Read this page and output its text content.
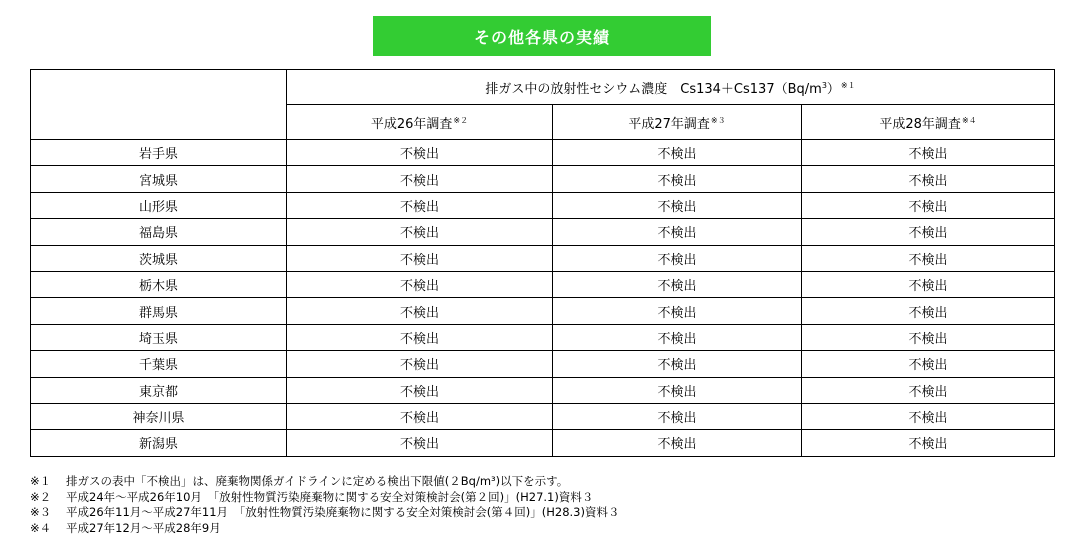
その他各県の実績
	排ガス中の放射性セシウム濃度　$Cs134+Cs137(Bq/m^3)^{※1}$
	平成26年調査$^{※2}$	平成27年調査$^{※3}$	平成28年調査$^{※4}$
岩手県	不検出	不検出	不検出
宮城県	不検出	不検出	不検出
山形県	不検出	不検出	不検出
福島県	不検出	不検出	不検出
茨城県	不検出	不検出	不検出
栃木県	不検出	不検出	不検出
群馬県	不検出	不検出	不検出
埼玉県	不検出	不検出	不検出
千葉県	不検出	不検出	不検出
東京都	不検出	不検出	不検出
神奈川県	不検出	不検出	不検出
新潟県	不検出	不検出	不検出
※１ 排ガスの表中「不検出」は、廃棄物関係ガイドラインに定める検出下限値(２Bq/m³)以下を示す。
※２ 平成24年～平成26年10月　「放射性物質汚染廃棄物に関する安全対策検討会(第２回)」(H27.1)資料３
※３ 平成26年11月～平成27年11月　「放射性物質汚染廃棄物に関する安全対策検討会(第４回)」(H28.3)資料３
※４ 平成27年12月～平成28年9月
